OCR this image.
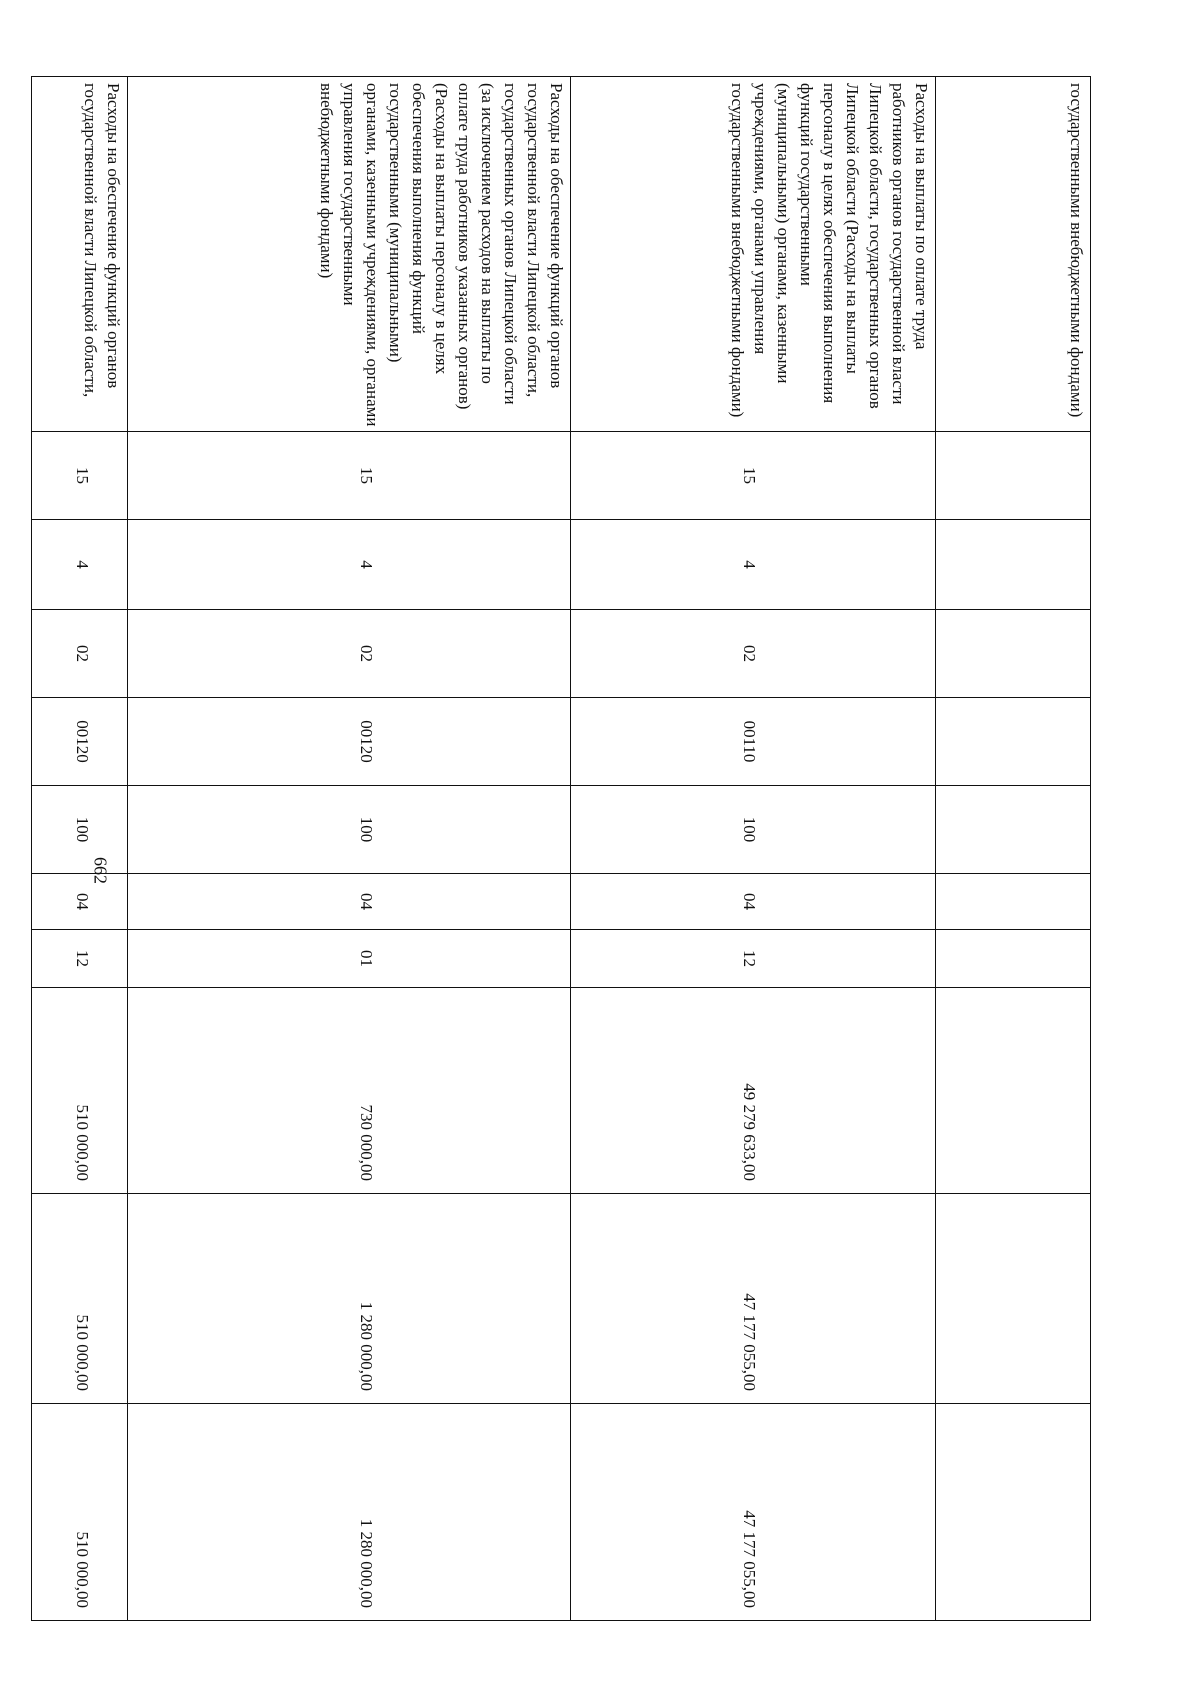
662
государственными внебюджетными фондами)										
Расходы на выплаты по оплате труда работников органов государственной власти Липецкой области, государственных органов Липецкой области (Расходы на выплаты персоналу в целях обеспечения выполнения функций государственными (муниципальными) органами, казенными учреждениями, органами управления государственными внебюджетными фондами)	15	4	02	00110	100	04	12	49 279 633,00	47 177 055,00	47 177 055,00
Расходы на обеспечение функций органов государственной власти Липецкой области, государственных органов Липецкой области (за исключением расходов на выплаты по оплате труда работников указанных органов) (Расходы на выплаты персоналу в целях обеспечения выполнения функций государственными (муниципальными) органами, казенными учреждениями, органами управления государственными внебюджетными фондами)	15	4	02	00120	100	04	01	730 000,00	1 280 000,00	1 280 000,00
Расходы на обеспечение функций органов государственной власти Липецкой области,	15	4	02	00120	100	04	12	510 000,00	510 000,00	510 000,00
